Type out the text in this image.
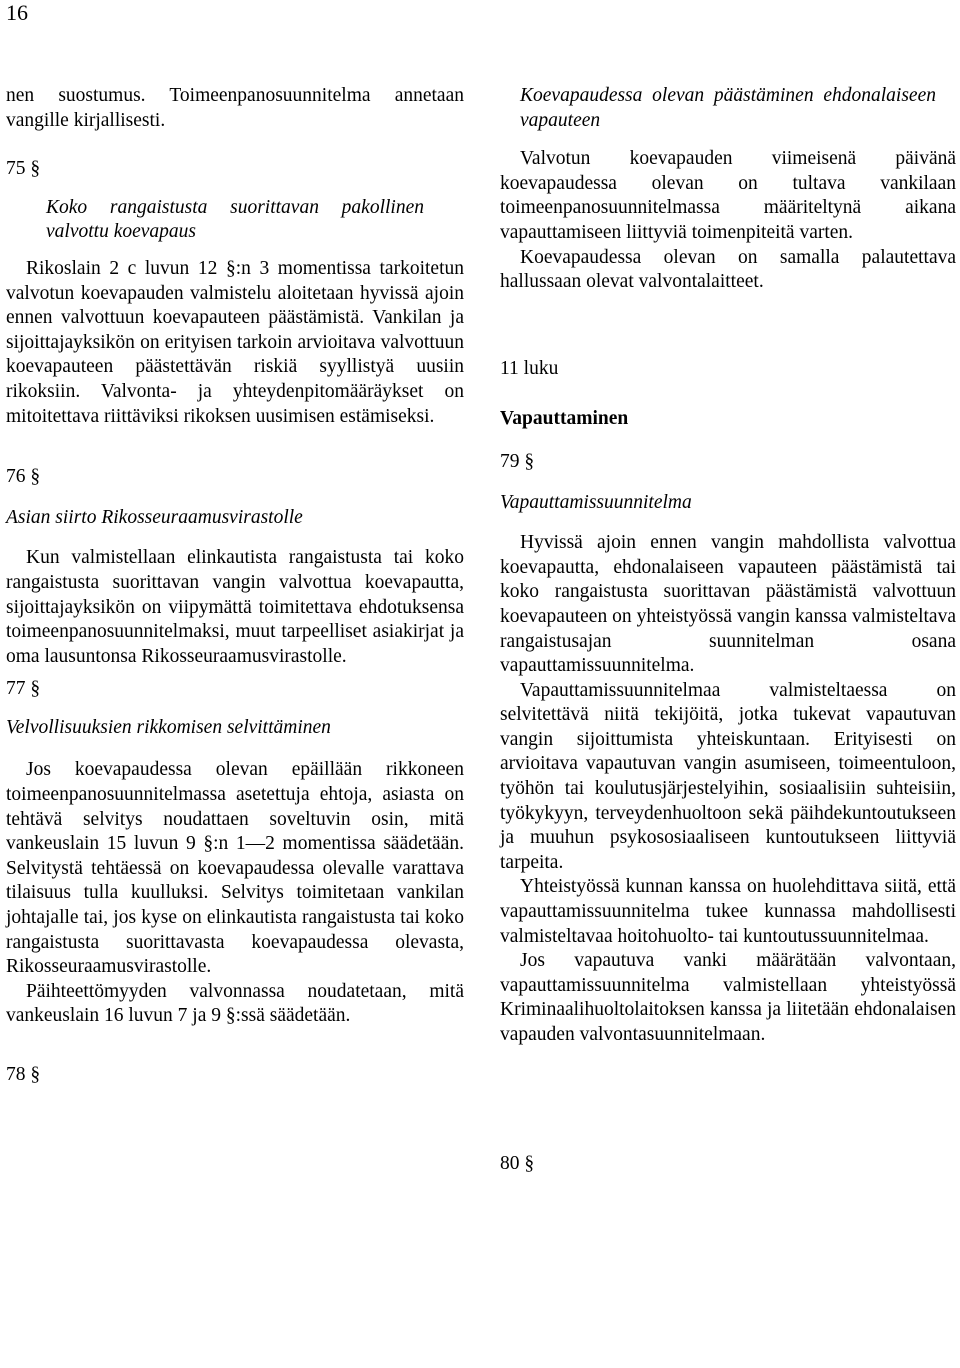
16

nen suostumus. Toimeenpanosuunnitelma annetaan vangille kirjallisesti.

75 §

Koko rangaistusta suorittavan pakollinen valvottu koevapaus

Rikoslain 2 c luvun 12 §:n 3 momentissa tarkoitetun valvotun koevapauden valmistelu aloitetaan hyvissä ajoin ennen valvottuun koevapauteen päästämistä. Vankilan ja sijoittajayksikön on erityisen tarkoin arvioitava valvottuun koevapauteen päästettävän riskiä syyllistyä uusiin rikoksiin. Valvonta- ja yhteydenpitomääräykset on mitoitettava riittäviksi rikoksen uusimisen estämiseksi.

76 §

Asian siirto Rikosseuraamusvirastolle

Kun valmistellaan elinkautista rangaistusta tai koko rangaistusta suorittavan vangin valvottua koevapautta, sijoittajayksikön on viipymättä toimitettava ehdotuksensa toimeenpanosuunnitelmaksi, muut tarpeelliset asiakirjat ja oma lausuntonsa Rikosseuraamusvirastolle.

77 §

Velvollisuuksien rikkomisen selvittäminen

Jos koevapaudessa olevan epäillään rikkoneen toimeenpanosuunnitelmassa asetettuja ehtoja, asiasta on tehtävä selvitys noudattaen soveltuvin osin, mitä vankeuslain 15 luvun 9 §:n 1—2 momentissa säädetään. Selvitystä tehtäessä on koevapaudessa olevalle varattava tilaisuus tulla kuulluksi. Selvitys toimitetaan vankilan johtajalle tai, jos kyse on elinkautista rangaistusta tai koko rangaistusta suorittavasta koevapaudessa olevasta, Rikosseuraamusvirastolle.

Päihteettömyyden valvonnassa noudatetaan, mitä vankeuslain 16 luvun 7 ja 9 §:ssä säädetään.

78 §

Koevapaudessa olevan päästäminen ehdonalaiseen vapauteen

Valvotun koevapauden viimeisenä päivänä koevapaudessa olevan on tultava vankilaan toimeenpanosuunnitelmassa määriteltynä aikana vapauttamiseen liittyviä toimenpiteitä varten.

Koevapaudessa olevan on samalla palautettava hallussaan olevat valvontalaitteet.

11 luku

Vapauttaminen

79 §

Vapauttamissuunnitelma

Hyvissä ajoin ennen vangin mahdollista valvottua koevapautta, ehdonalaiseen vapauteen päästämistä tai koko rangaistusta suorittavan päästämistä valvottuun koevapauteen on yhteistyössä vangin kanssa valmisteltava rangaistusajan suunnitelman osana vapauttamissuunnitelma.

Vapauttamissuunnitelmaa valmisteltaessa on selvitettävä niitä tekijöitä, jotka tukevat vapautuvan vangin sijoittumista yhteiskuntaan. Erityisesti on arvioitava vapautuvan vangin asumiseen, toimeentuloon, työhön tai koulutusjärjestelyihin, sosiaalisiin suhteisiin, työkykyyn, terveydenhuoltoon sekä päihdekuntoutukseen ja muuhun psykososiaaliseen kuntoutukseen liittyviä tarpeita.

Yhteistyössä kunnan kanssa on huolehdittava siitä, että vapauttamissuunnitelma tukee kunnassa mahdollisesti valmisteltavaa hoitohuolto- tai kuntoutussuunnitelmaa.

Jos vapautuva vanki määrätään valvontaan, vapauttamissuunnitelma valmistellaan yhteistyössä Kriminaalihuoltolaitoksen kanssa ja liitetään ehdonalaisen vapauden valvontasuunnitelmaan.

80 §
